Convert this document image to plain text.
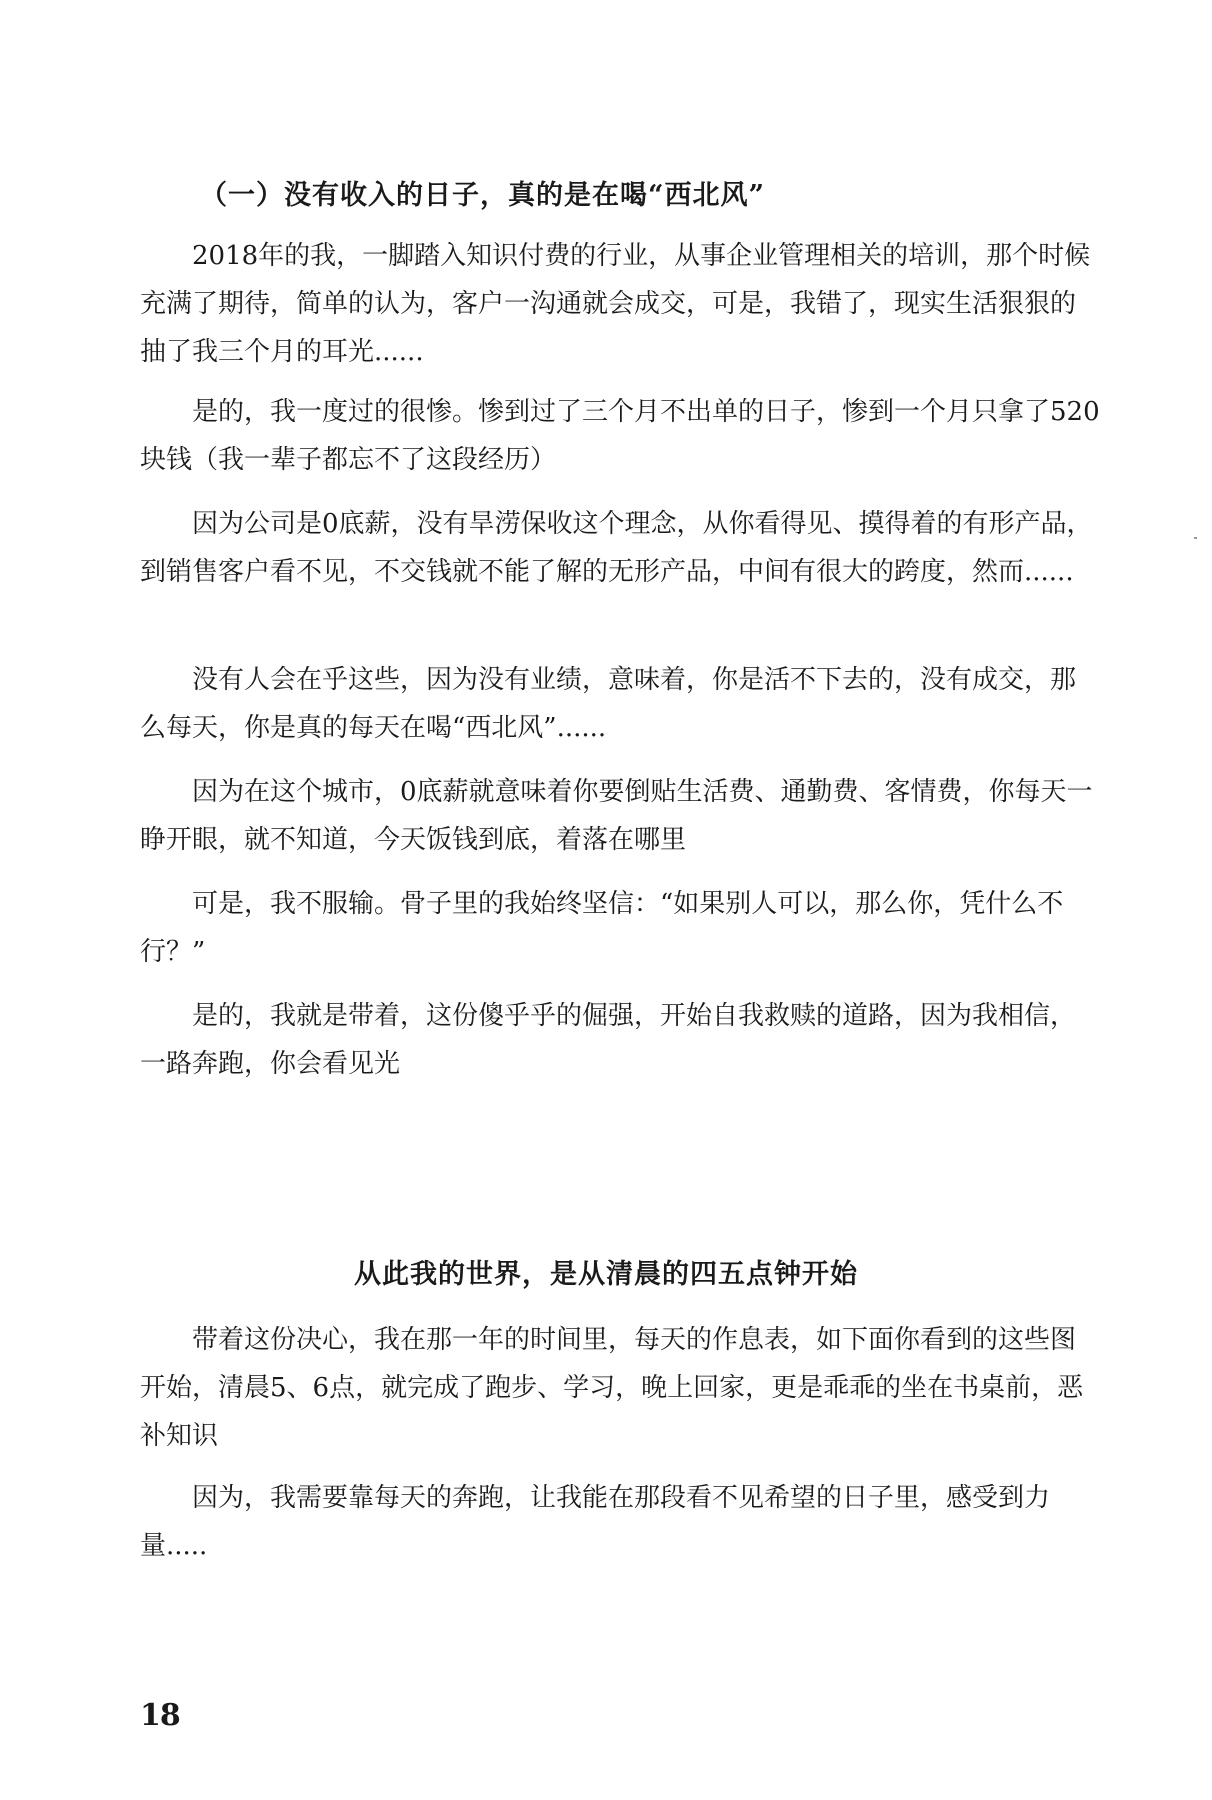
（一）没有收入的日子，真的是在喝“西北风”

2018年的我，一脚踏入知识付费的行业，从事企业管理相关的培训，那个时候充满了期待，简单的认为，客户一沟通就会成交，可是，我错了，现实生活狠狠的抽了我三个月的耳光......

是的，我一度过的很惨。惨到过了三个月不出单的日子，惨到一个月只拿了520块钱（我一辈子都忘不了这段经历）

因为公司是0底薪，没有旱涝保收这个理念，从你看得见、摸得着的有形产品，到销售客户看不见，不交钱就不能了解的无形产品，中间有很大的跨度，然而......

没有人会在乎这些，因为没有业绩，意味着，你是活不下去的，没有成交，那么每天，你是真的每天在喝“西北风”......

因为在这个城市，0底薪就意味着你要倒贴生活费、通勤费、客情费，你每天一睁开眼，就不知道，今天饭钱到底，着落在哪里

可是，我不服输。骨子里的我始终坚信：“如果别人可以，那么你，凭什么不行？”

是的，我就是带着，这份傻乎乎的倔强，开始自我救赎的道路，因为我相信，一路奔跑，你会看见光

从此我的世界，是从清晨的四五点钟开始

带着这份决心，我在那一年的时间里，每天的作息表，如下面你看到的这些图开始，清晨5、6点，就完成了跑步、学习，晚上回家，更是乖乖的坐在书桌前，恶补知识

因为，我需要靠每天的奔跑，让我能在那段看不见希望的日子里，感受到力量.....

18
